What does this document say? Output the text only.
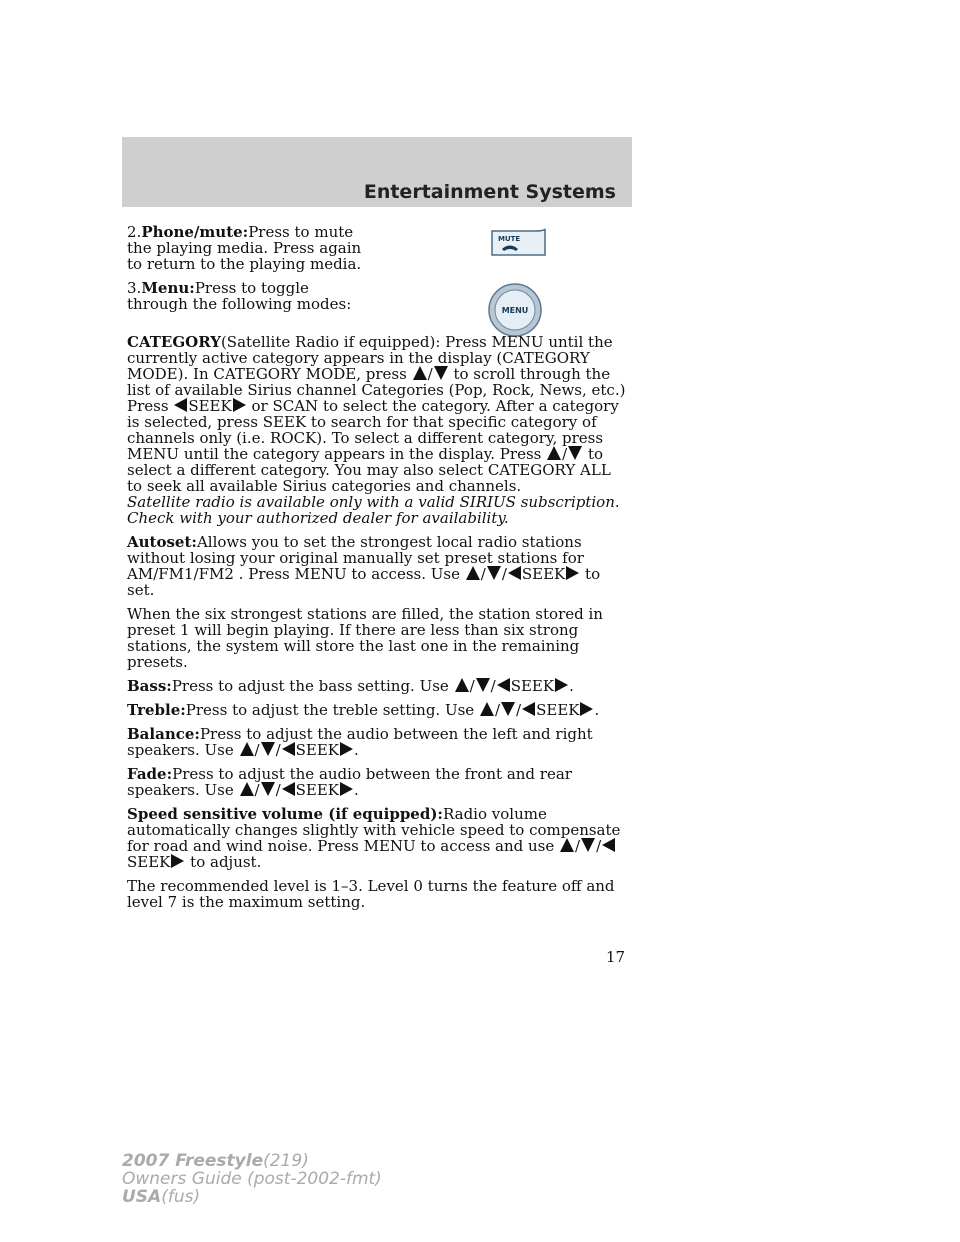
Entertainment Systems
MUTE
MENU

2.Phone/mute:Press to mute the playing media. Press again to return to the playing media.

3.Menu:Press to toggle through the following modes:

CATEGORY(Satellite Radio if equipped): Press MENU until the currently active category appears in the display (CATEGORY MODE). In CATEGORY MODE, press / to scroll through the list of available Sirius channel Categories (Pop, Rock, News, etc.) Press SEEK or SCAN to select the category. After a category is selected, press SEEK to search for that specific category of channels only (i.e. ROCK). To select a different category, press MENU until the category appears in the display. Press / to select a different category. You may also select CATEGORY ALL to seek all available Sirius categories and channels.
Satellite radio is available only with a valid SIRIUS subscription. Check with your authorized dealer for availability.

Autoset:Allows you to set the strongest local radio stations without losing your original manually set preset stations for AM/FM1/FM2 . Press MENU to access. Use / / SEEK to set.

When the six strongest stations are filled, the station stored in preset 1 will begin playing. If there are less than six strong stations, the system will store the last one in the remaining presets.

Bass:Press to adjust the bass setting. Use / / SEEK .

Treble:Press to adjust the treble setting. Use / / SEEK .

Balance:Press to adjust the audio between the left and right speakers. Use / / SEEK .

Fade:Press to adjust the audio between the front and rear speakers. Use / / SEEK .

Speed sensitive volume (if equipped):Radio volume automatically changes slightly with vehicle speed to compensate for road and wind noise. Press MENU to access and use / /SEEK to adjust.

The recommended level is 1–3. Level 0 turns the feature off and level 7 is the maximum setting.

17
2007 Freestyle(219)
Owners Guide (post-2002-fmt)
USA(fus)
